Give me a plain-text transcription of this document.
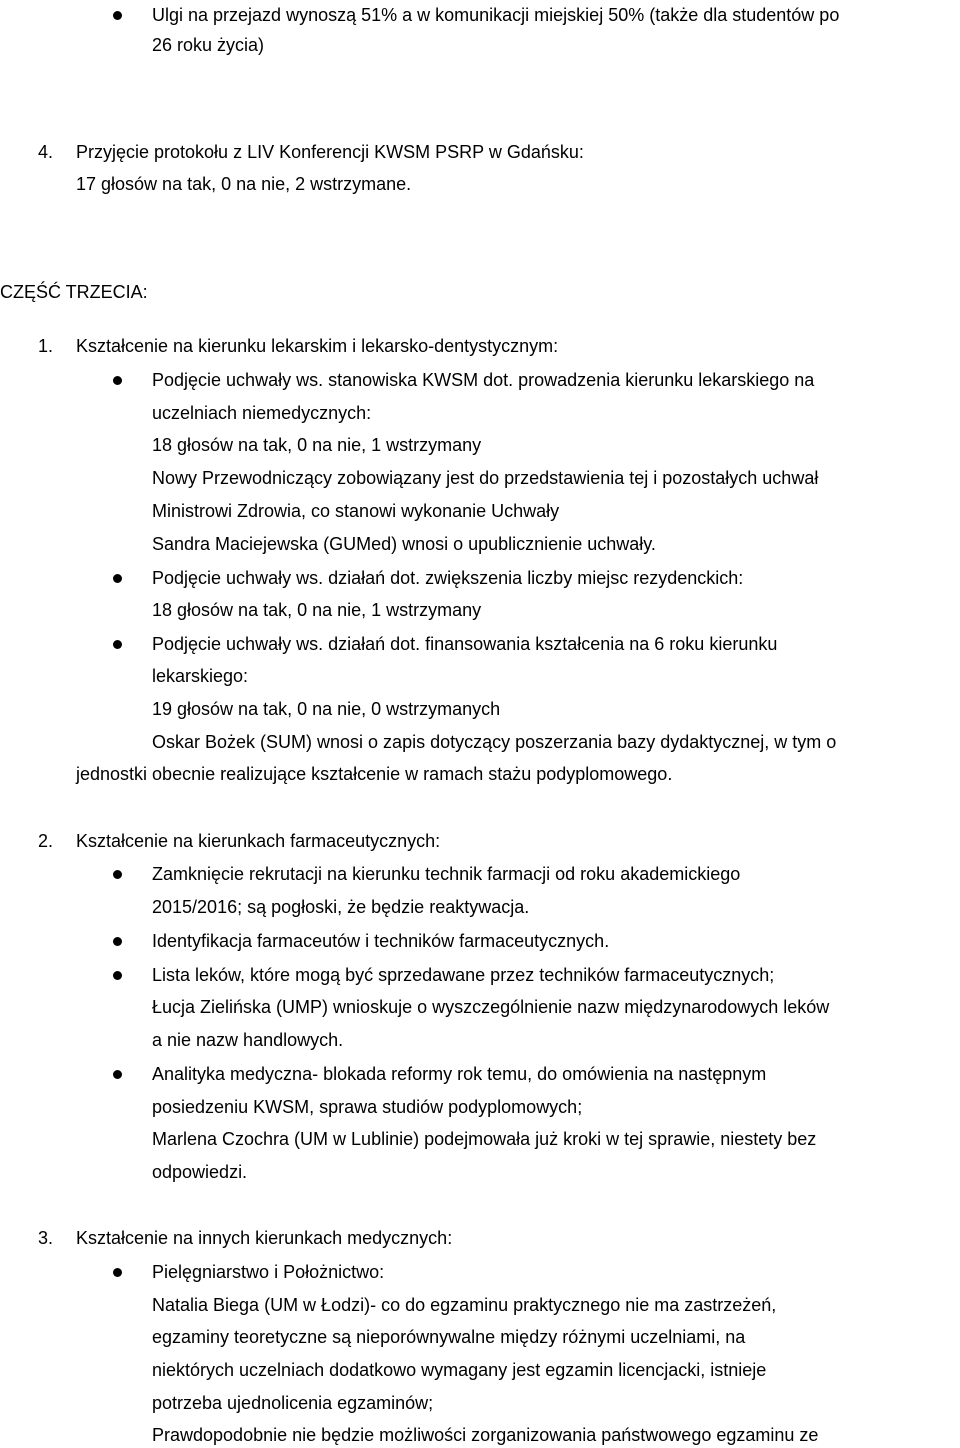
Ulgi na przejazd wynoszą 51% a w komunikacji miejskiej 50% (także dla studentów po
26 roku życia)
4. Przyjęcie protokołu z LIV Konferencji KWSM PSRP w Gdańsku:
17 głosów na tak, 0 na nie, 2 wstrzymane.
CZĘŚĆ TRZECIA:
1. Kształcenie na kierunku lekarskim i lekarsko-dentystycznym:
Podjęcie uchwały ws. stanowiska KWSM dot. prowadzenia kierunku lekarskiego na
uczelniach niemedycznych:
18 głosów na tak, 0 na nie, 1 wstrzymany
Nowy Przewodniczący zobowiązany jest do przedstawienia tej i pozostałych uchwał
Ministrowi Zdrowia, co stanowi wykonanie Uchwały
Sandra Maciejewska (GUMed) wnosi o upublicznienie uchwały.
Podjęcie uchwały ws. działań dot. zwiększenia liczby miejsc rezydenckich:
18 głosów na tak, 0 na nie, 1 wstrzymany
Podjęcie uchwały ws. działań dot. finansowania kształcenia na 6 roku kierunku
lekarskiego:
19 głosów na tak, 0 na nie, 0 wstrzymanych
Oskar Bożek (SUM) wnosi o zapis dotyczący poszerzania bazy dydaktycznej, w tym o
jednostki obecnie realizujące kształcenie w ramach stażu podyplomowego.
2. Kształcenie na kierunkach farmaceutycznych:
Zamknięcie rekrutacji na kierunku technik farmacji od roku akademickiego
2015/2016; są pogłoski, że będzie reaktywacja.
Identyfikacja farmaceutów i techników farmaceutycznych.
Lista leków, które mogą być sprzedawane przez techników farmaceutycznych;
Łucja Zielińska (UMP) wnioskuje o wyszczególnienie nazw międzynarodowych leków
a nie nazw handlowych.
Analityka medyczna- blokada reformy rok temu, do omówienia na następnym
posiedzeniu KWSM, sprawa studiów podyplomowych;
Marlena Czochra (UM w Lublinie) podejmowała już kroki w tej sprawie, niestety bez
odpowiedzi.
3. Kształcenie na innych kierunkach medycznych:
Pielęgniarstwo i Położnictwo:
Natalia Biega (UM w Łodzi)- co do egzaminu praktycznego nie ma zastrzeżeń,
egzaminy teoretyczne są nieporównywalne między różnymi uczelniami, na
niektórych uczelniach dodatkowo wymagany jest egzamin licencjacki, istnieje
potrzeba ujednolicenia egzaminów;
Prawdopodobnie nie będzie możliwości zorganizowania państwowego egzaminu ze
